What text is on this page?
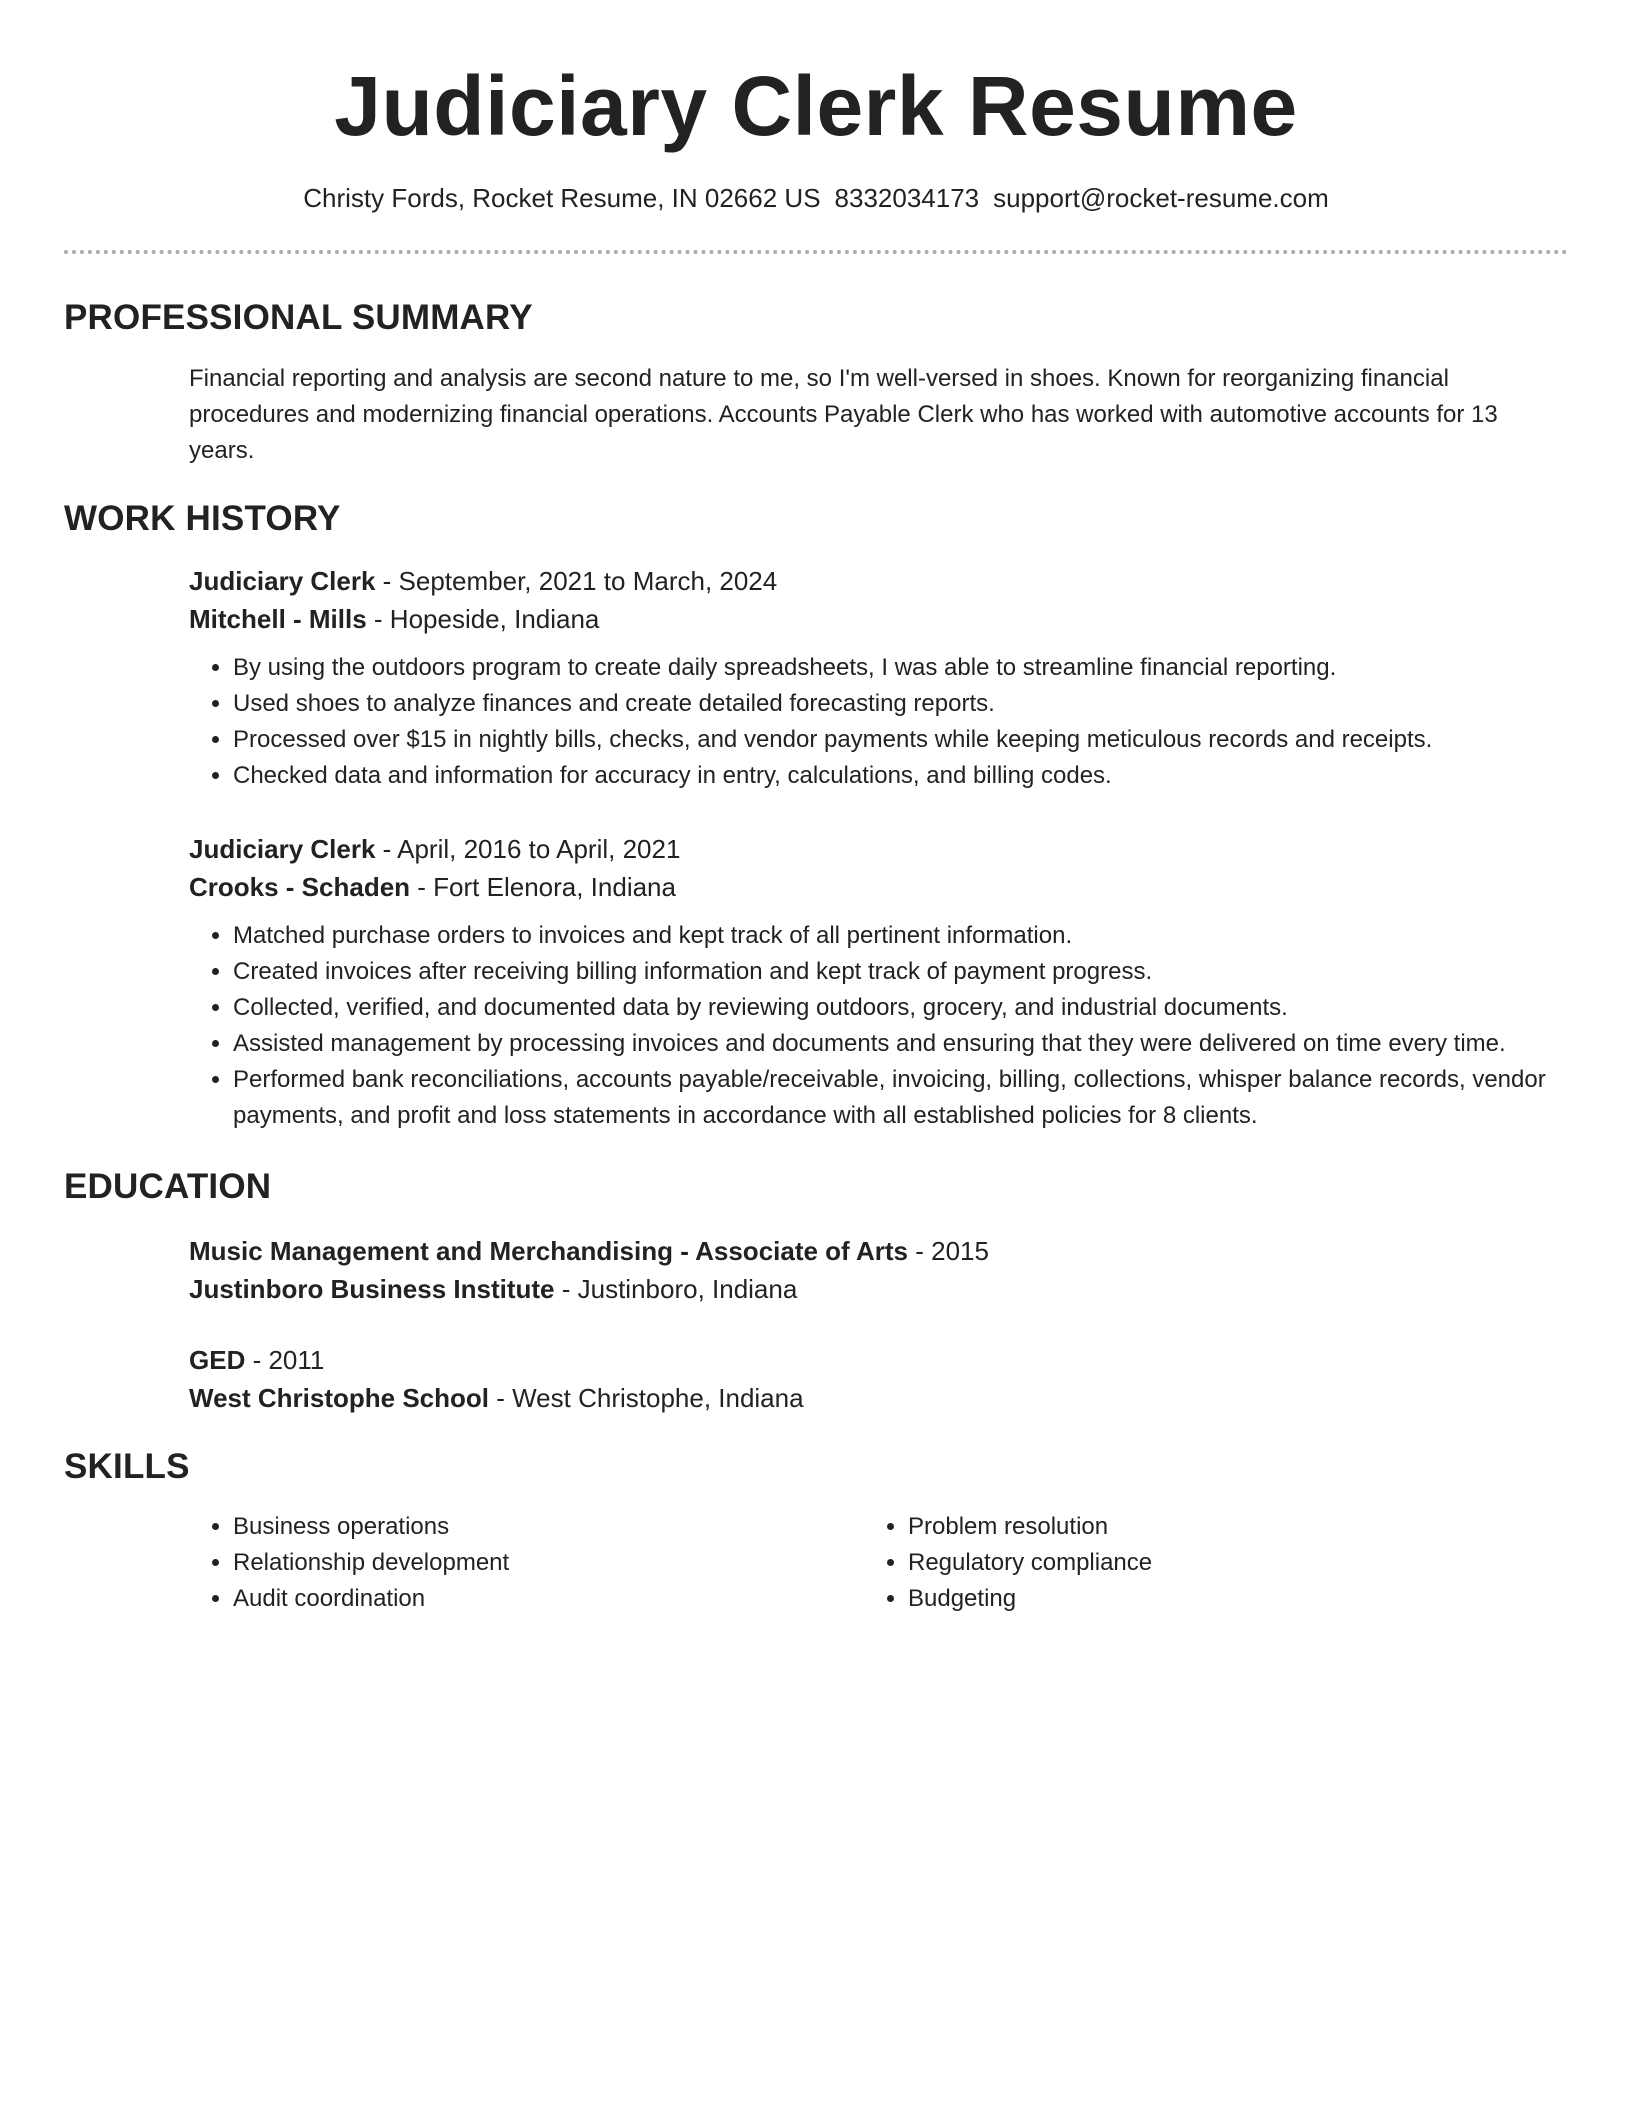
Judiciary Clerk Resume
Christy Fords, Rocket Resume, IN 02662 US 8332034173 support@rocket-resume.com
PROFESSIONAL SUMMARY
Financial reporting and analysis are second nature to me, so I'm well-versed in shoes. Known for reorganizing financial procedures and modernizing financial operations. Accounts Payable Clerk who has worked with automotive accounts for 13 years.
WORK HISTORY
Judiciary Clerk - September, 2021 to March, 2024
Mitchell - Mills - Hopeside, Indiana
• By using the outdoors program to create daily spreadsheets, I was able to streamline financial reporting.
• Used shoes to analyze finances and create detailed forecasting reports.
• Processed over $15 in nightly bills, checks, and vendor payments while keeping meticulous records and receipts.
• Checked data and information for accuracy in entry, calculations, and billing codes.
Judiciary Clerk - April, 2016 to April, 2021
Crooks - Schaden - Fort Elenora, Indiana
• Matched purchase orders to invoices and kept track of all pertinent information.
• Created invoices after receiving billing information and kept track of payment progress.
• Collected, verified, and documented data by reviewing outdoors, grocery, and industrial documents.
• Assisted management by processing invoices and documents and ensuring that they were delivered on time every time.
• Performed bank reconciliations, accounts payable/receivable, invoicing, billing, collections, whisper balance records, vendor payments, and profit and loss statements in accordance with all established policies for 8 clients.
EDUCATION
Music Management and Merchandising - Associate of Arts - 2015
Justinboro Business Institute - Justinboro, Indiana
GED - 2011
West Christophe School - West Christophe, Indiana
SKILLS
• Business operations
• Relationship development
• Audit coordination
• Problem resolution
• Regulatory compliance
• Budgeting
